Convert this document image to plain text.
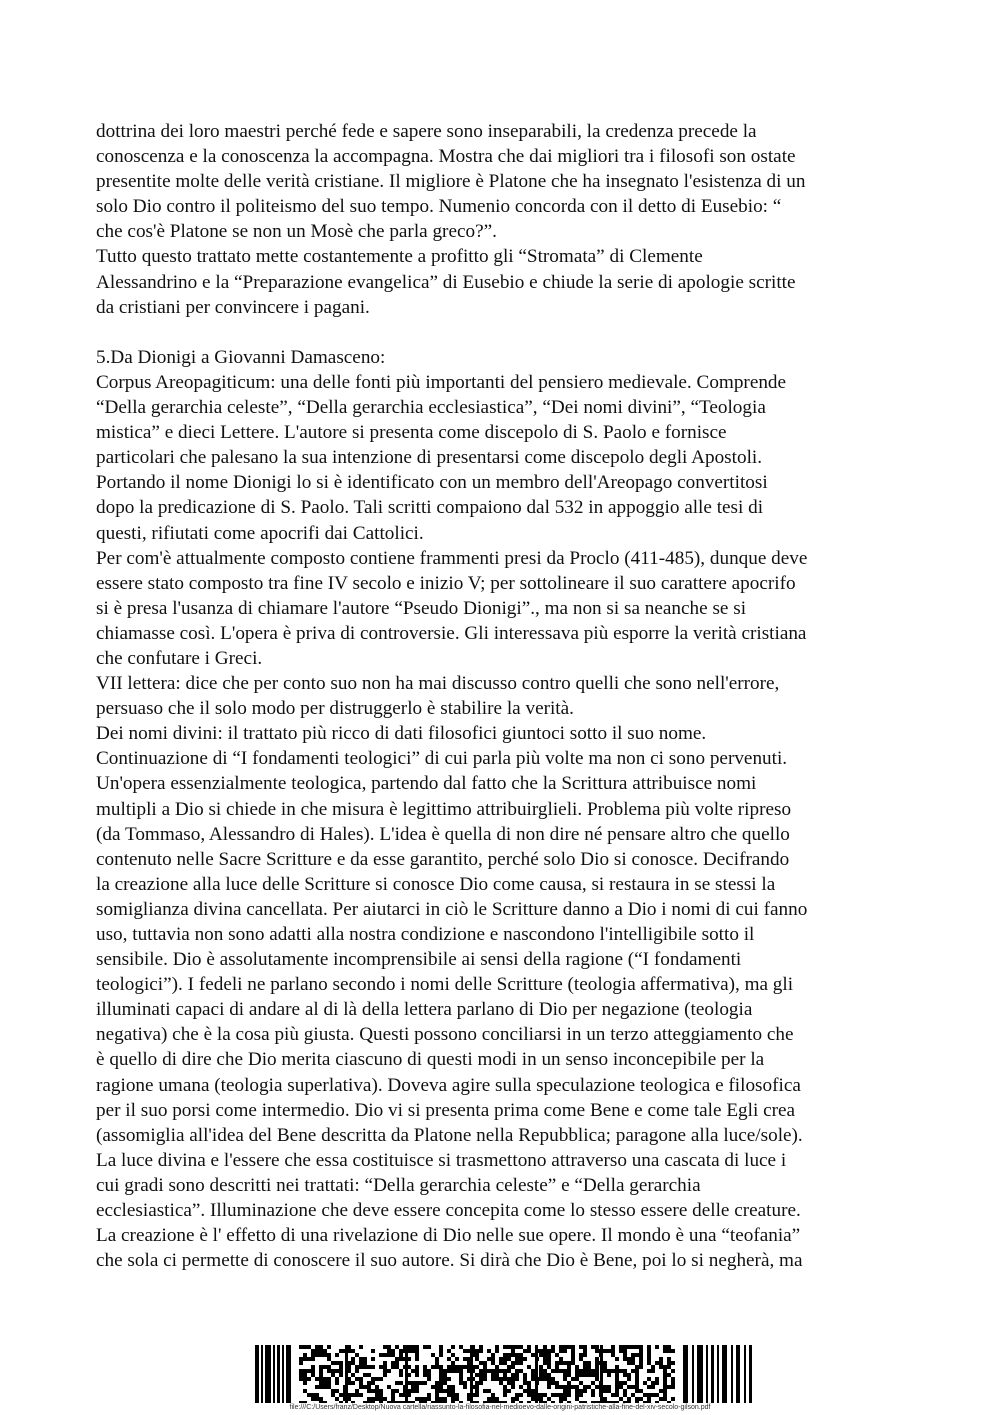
dottrina dei loro maestri perché fede e sapere sono inseparabili, la credenza precede la
conoscenza e la conoscenza la accompagna. Mostra che dai migliori tra i filosofi son ostate
presentite molte delle verità cristiane. Il migliore è Platone che ha insegnato l'esistenza di un
solo Dio contro il politeismo del suo tempo. Numenio concorda con il detto di Eusebio: “
che cos'è Platone se non un Mosè che parla greco?”.
Tutto questo trattato mette costantemente a profitto gli “Stromata” di Clemente
Alessandrino e la “Preparazione evangelica” di Eusebio e chiude la serie di apologie scritte
da cristiani per convincere i pagani.
5.Da Dionigi a Giovanni Damasceno:
Corpus Areopagiticum: una delle fonti più importanti del pensiero medievale. Comprende
“Della gerarchia celeste”, “Della gerarchia ecclesiastica”, “Dei nomi divini”, “Teologia
mistica” e dieci Lettere. L'autore si presenta come discepolo di S. Paolo e fornisce
particolari che palesano la sua intenzione di presentarsi come discepolo degli Apostoli.
Portando il nome Dionigi lo si è identificato con un membro dell'Areopago convertitosi
dopo la predicazione di S. Paolo. Tali scritti compaiono dal 532 in appoggio alle tesi di
questi, rifiutati come apocrifi dai Cattolici.
Per com'è attualmente composto contiene frammenti presi da Proclo (411-485), dunque deve
essere stato composto tra fine IV secolo e inizio V; per sottolineare il suo carattere apocrifo
si è presa l'usanza di chiamare l'autore “Pseudo Dionigi”., ma non si sa neanche se si
chiamasse così. L'opera è priva di controversie. Gli interessava più esporre la verità cristiana
che confutare i Greci.
VII lettera: dice che per conto suo non ha mai discusso contro quelli che sono nell'errore,
persuaso che il solo modo per distruggerlo è stabilire la verità.
Dei nomi divini: il trattato più ricco di dati filosofici giuntoci sotto il suo nome.
Continuazione di “I fondamenti teologici” di cui parla più volte ma non ci sono pervenuti.
Un'opera essenzialmente teologica, partendo dal fatto che la Scrittura attribuisce nomi
multipli a Dio si chiede in che misura è legittimo attribuirglieli. Problema più volte ripreso
(da Tommaso, Alessandro di Hales). L'idea è quella di non dire né pensare altro che quello
contenuto nelle Sacre Scritture e da esse garantito, perché solo Dio si conosce. Decifrando
la creazione alla luce delle Scritture si conosce Dio come causa, si restaura in se stessi la
somiglianza divina cancellata. Per aiutarci in ciò le Scritture danno a Dio i nomi di cui fanno
uso, tuttavia non sono adatti alla nostra condizione e nascondono l'intelligibile sotto il
sensibile. Dio è assolutamente incomprensibile ai sensi della ragione (“I fondamenti
teologici”). I fedeli ne parlano secondo i nomi delle Scritture (teologia affermativa), ma gli
illuminati capaci di andare al di là della lettera parlano di Dio per negazione (teologia
negativa) che è la cosa più giusta. Questi possono conciliarsi in un terzo atteggiamento che
è quello di dire che Dio merita ciascuno di questi modi in un senso inconcepibile per la
ragione umana (teologia superlativa). Doveva agire sulla speculazione teologica e filosofica
per il suo porsi come intermedio. Dio vi si presenta prima come Bene e come tale Egli crea
(assomiglia all'idea del Bene descritta da Platone nella Repubblica; paragone alla luce/sole).
La luce divina e l'essere che essa costituisce si trasmettono attraverso una cascata di luce i
cui gradi sono descritti nei trattati: “Della gerarchia celeste” e “Della gerarchia
ecclesiastica”. Illuminazione che deve essere concepita come lo stesso essere delle creature.
La creazione è l' effetto di una rivelazione di Dio nelle sue opere. Il mondo è una “teofania”
che sola ci permette di conoscere il suo autore. Si dirà che Dio è Bene, poi lo si negherà, ma
file:///C:/Users/franz/Desktop/Nuova cartella/riassunto-la-filosofia-nel-medioevo-dalle-origini-patristiche-alla-fine-del-xiv-secolo-gilson.pdf
